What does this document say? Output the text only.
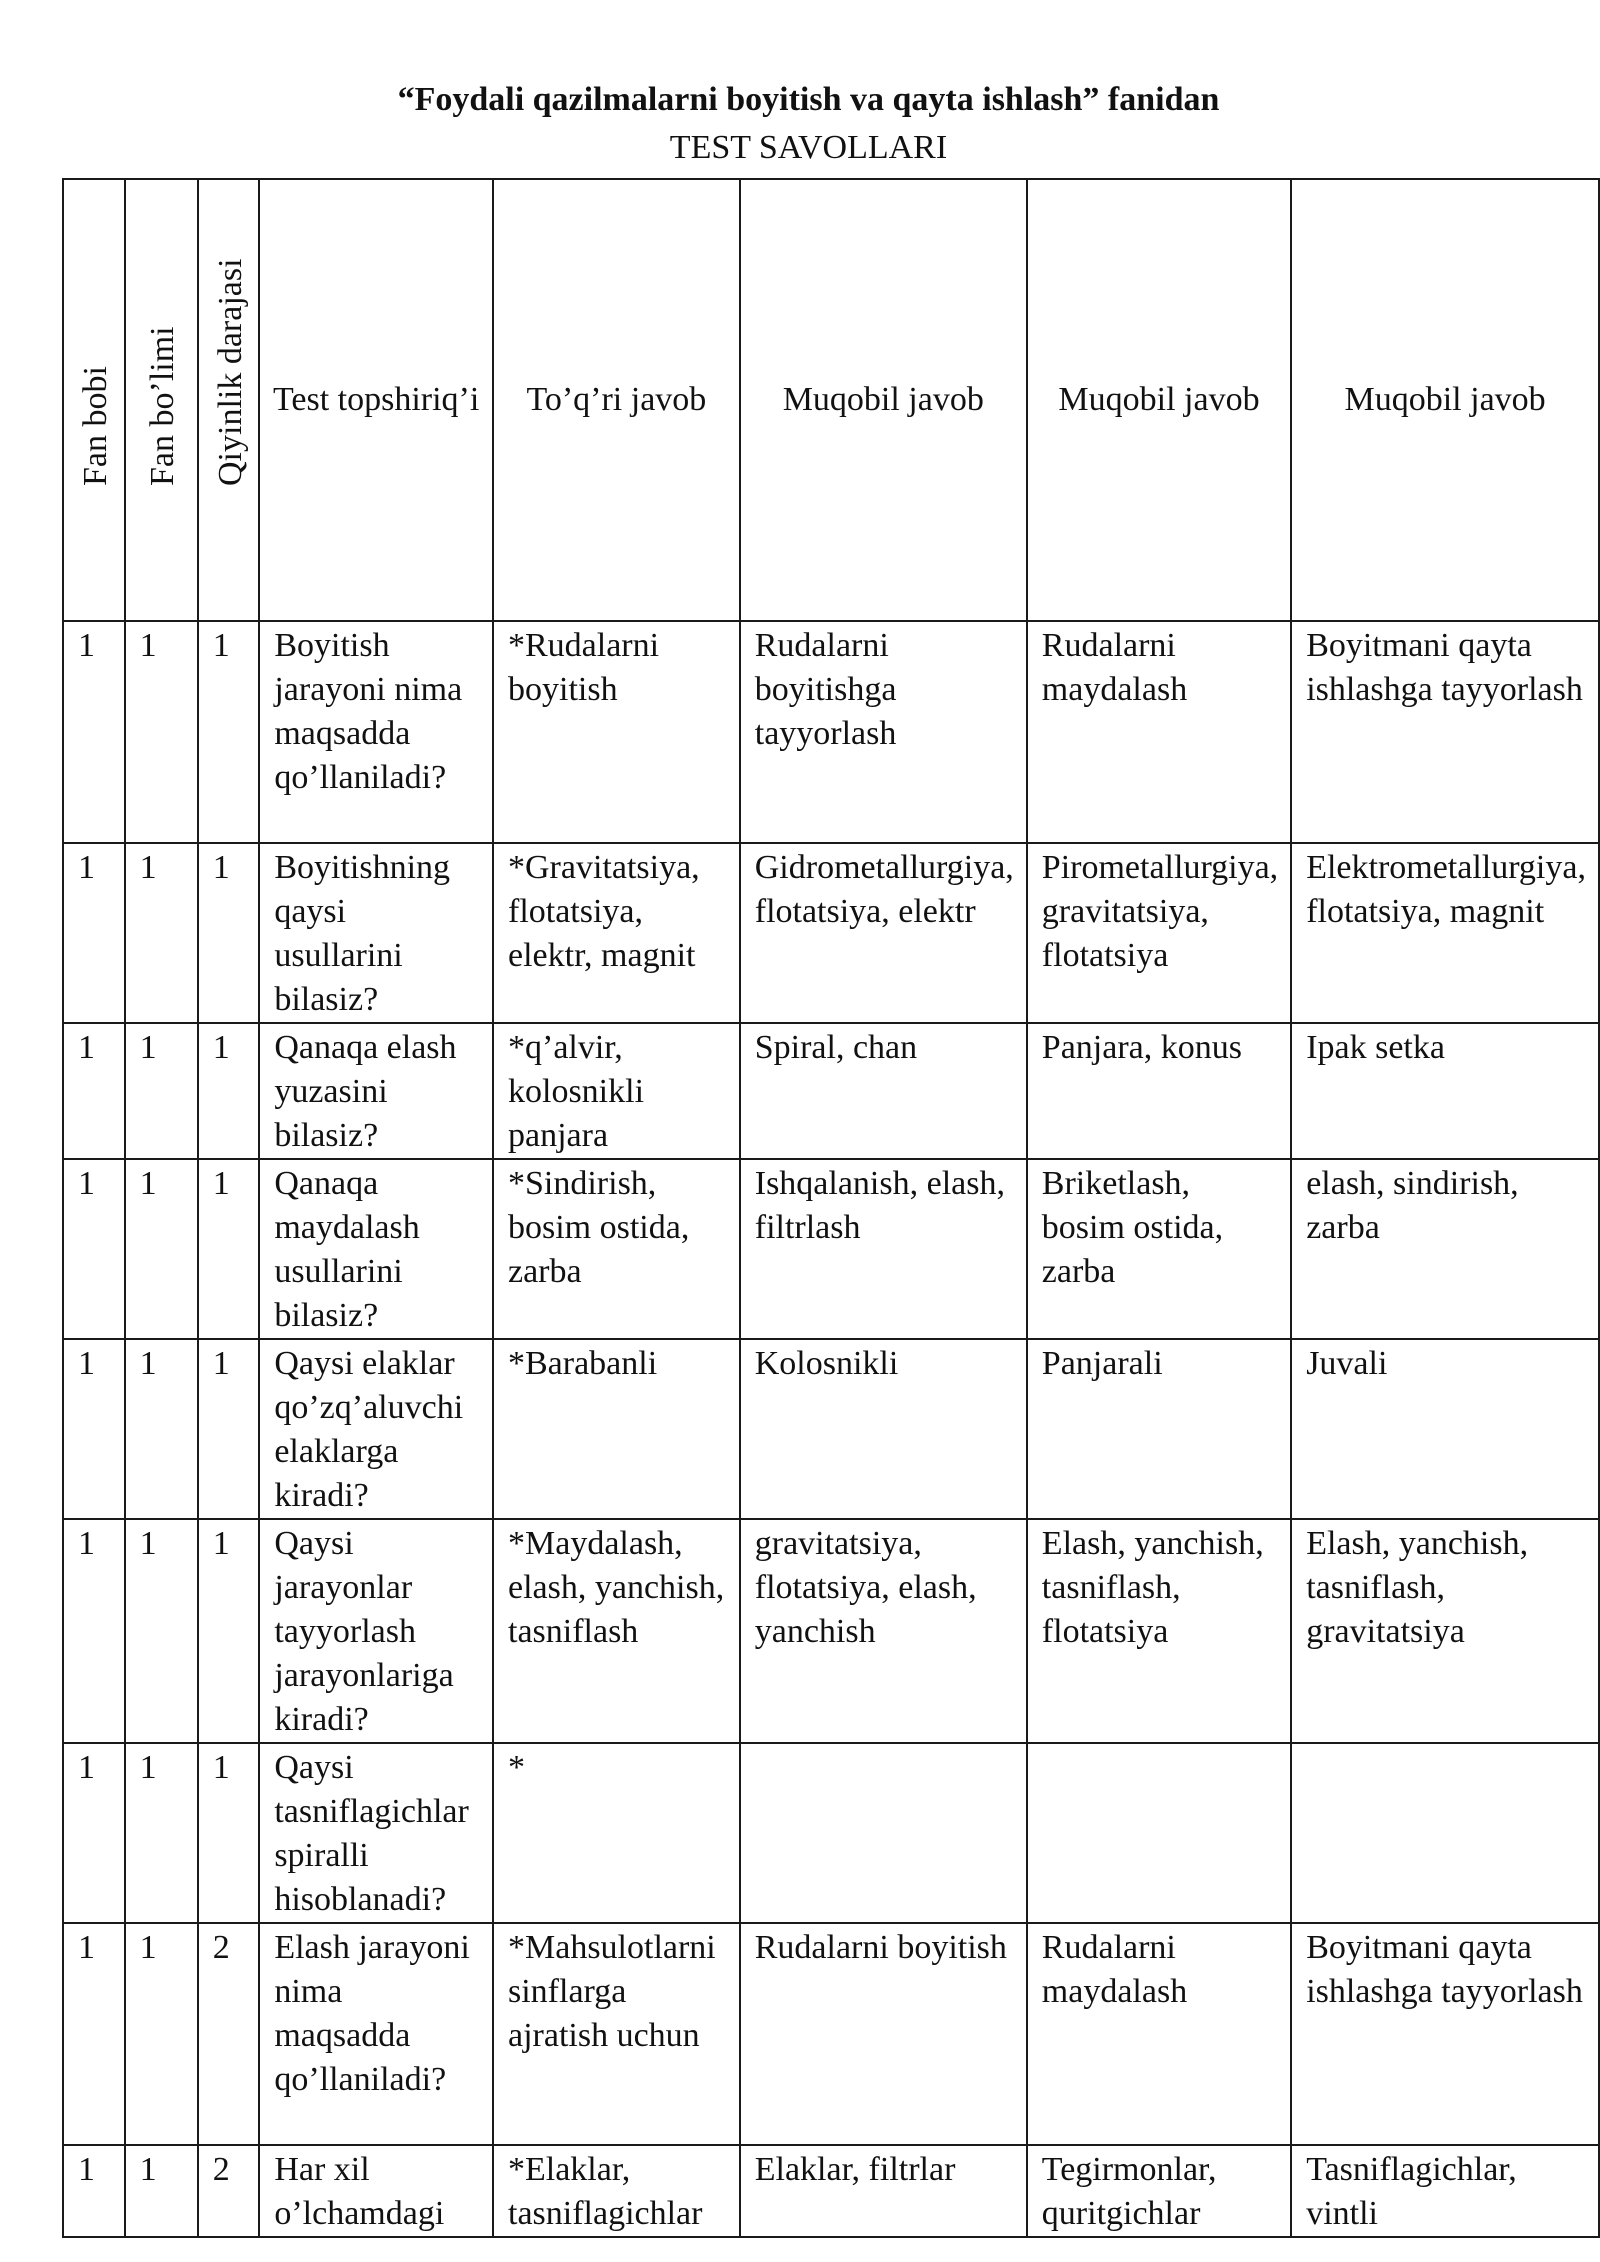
“Foydali qazilmalarni boyitish va qayta ishlash” fanidan
TEST SAVOLLARI
Fan bobi	Fan bo’limi	Qiyinlik darajasi	Test topshiriq’i	To’q’ri javob	Muqobil javob	Muqobil javob	Muqobil javob
1	1	1	Boyitish jarayoni nima maqsadda qo’llaniladi?	*Rudalarni boyitish	Rudalarni boyitishga tayyorlash	Rudalarni maydalash	Boyitmani qayta ishlashga tayyorlash
1	1	1	Boyitishning qaysi usullarini bilasiz?	*Gravitatsiya, flotatsiya, elektr, magnit	Gidrometallurgiya, flotatsiya, elektr	Pirometallurgiya, gravitatsiya, flotatsiya	Elektrometallurgiya, flotatsiya, magnit
1	1	1	Qanaqa elash yuzasini bilasiz?	*q’alvir, kolosnikli panjara	Spiral, chan	Panjara, konus	Ipak setka
1	1	1	Qanaqa maydalash usullarini bilasiz?	*Sindirish, bosim ostida, zarba	Ishqalanish, elash, filtrlash	Briketlash, bosim ostida, zarba	elash, sindirish, zarba
1	1	1	Qaysi elaklar qo’zq’aluvchi elaklarga kiradi?	*Barabanli	Kolosnikli	Panjarali	Juvali
1	1	1	Qaysi jarayonlar tayyorlash jarayonlariga kiradi?	*Maydalash, elash, yanchish, tasniflash	gravitatsiya, flotatsiya, elash, yanchish	Elash, yanchish, tasniflash, flotatsiya	Elash, yanchish, tasniflash, gravitatsiya
1	1	1	Qaysi tasniflagichlar spiralli hisoblanadi?	*			
1	1	2	Elash jarayoni nima maqsadda qo’llaniladi?	*Mahsulotlarni sinflarga ajratish uchun	Rudalarni boyitish	Rudalarni maydalash	Boyitmani qayta ishlashga tayyorlash
1	1	2	Har xil o’lchamdagi	*Elaklar, tasniflagichlar	Elaklar, filtrlar	Tegirmonlar, quritgichlar	Tasniflagichlar, vintli
